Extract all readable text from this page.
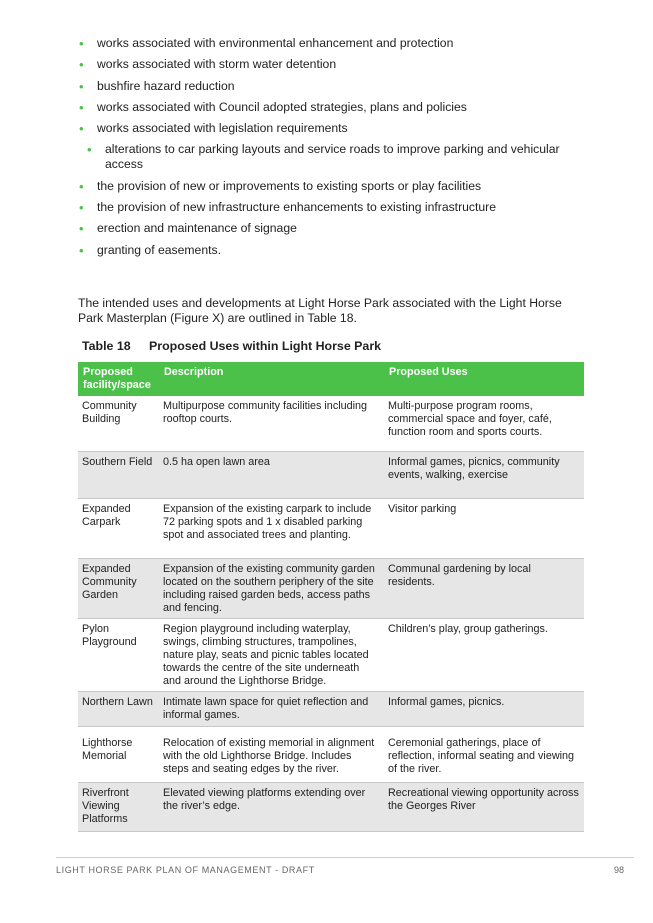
• works associated with environmental enhancement and protection
• works associated with storm water detention
• bushfire hazard reduction
• works associated with Council adopted strategies, plans and policies
• works associated with legislation requirements
• alterations to car parking layouts and service roads to improve parking and vehicular access
• the provision of new or improvements to existing sports or play facilities
• the provision of new infrastructure enhancements to existing infrastructure
• erection and maintenance of signage
• granting of easements.

The intended uses and developments at Light Horse Park associated with the Light Horse Park Masterplan (Figure X) are outlined in Table 18.

Table 18 Proposed Uses within Light Horse Park

Proposed facility/space	Description	Proposed Uses
Community Building	Multipurpose community facilities including rooftop courts.	Multi-purpose program rooms, commercial space and foyer, café, function room and sports courts.
Southern Field	0.5 ha open lawn area	Informal games, picnics, community events, walking, exercise
Expanded Carpark	Expansion of the existing carpark to include 72 parking spots and 1 x disabled parking spot and associated trees and planting.	Visitor parking
Expanded Community Garden	Expansion of the existing community garden located on the southern periphery of the site including raised garden beds, access paths and fencing.	Communal gardening by local residents.
Pylon Playground	Region playground including waterplay, swings, climbing structures, trampolines, nature play, seats and picnic tables located towards the centre of the site underneath and around the Lighthorse Bridge.	Children’s play, group gatherings.
Northern Lawn	Intimate lawn space for quiet reflection and informal games.	Informal games, picnics.
Lighthorse Memorial	Relocation of existing memorial in alignment with the old Lighthorse Bridge. Includes steps and seating edges by the river.	Ceremonial gatherings, place of reflection, informal seating and viewing of the river.
Riverfront Viewing Platforms	Elevated viewing platforms extending over the river’s edge.	Recreational viewing opportunity across the Georges River
LIGHT HORSE PARK PLAN OF MANAGEMENT - DRAFT	98
